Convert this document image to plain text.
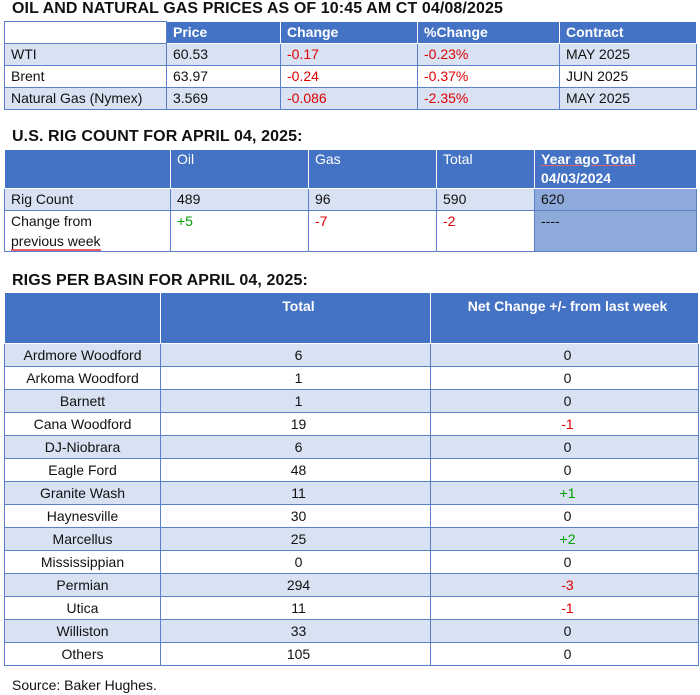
OIL AND NATURAL GAS PRICES AS OF 10:45 AM CT 04/08/2025
	Price	Change	%Change	Contract
WTI	60.53	-0.17	-0.23%	MAY 2025
Brent	63.97	-0.24	-0.37%	JUN 2025
Natural Gas (Nymex)	3.569	-0.086	-2.35%	MAY 2025
U.S. RIG COUNT FOR APRIL 04, 2025:
	Oil	Gas	Total	Year ago Total
04/03/2024

Rig Count	489	96	590	620

Change from
previous week	+5	-7	-2	----
RIGS PER BASIN FOR APRIL 04, 2025:
	Total	Net Change +/- from last week
Ardmore Woodford	6	0
Arkoma Woodford	1	0
Barnett	1	0
Cana Woodford	19	-1
DJ-Niobrara	6	0
Eagle Ford	48	0
Granite Wash	11	+1
Haynesville	30	0
Marcellus	25	+2
Mississippian	0	0
Permian	294	-3
Utica	11	-1
Williston	33	0
Others	105	0
Source: Baker Hughes.
